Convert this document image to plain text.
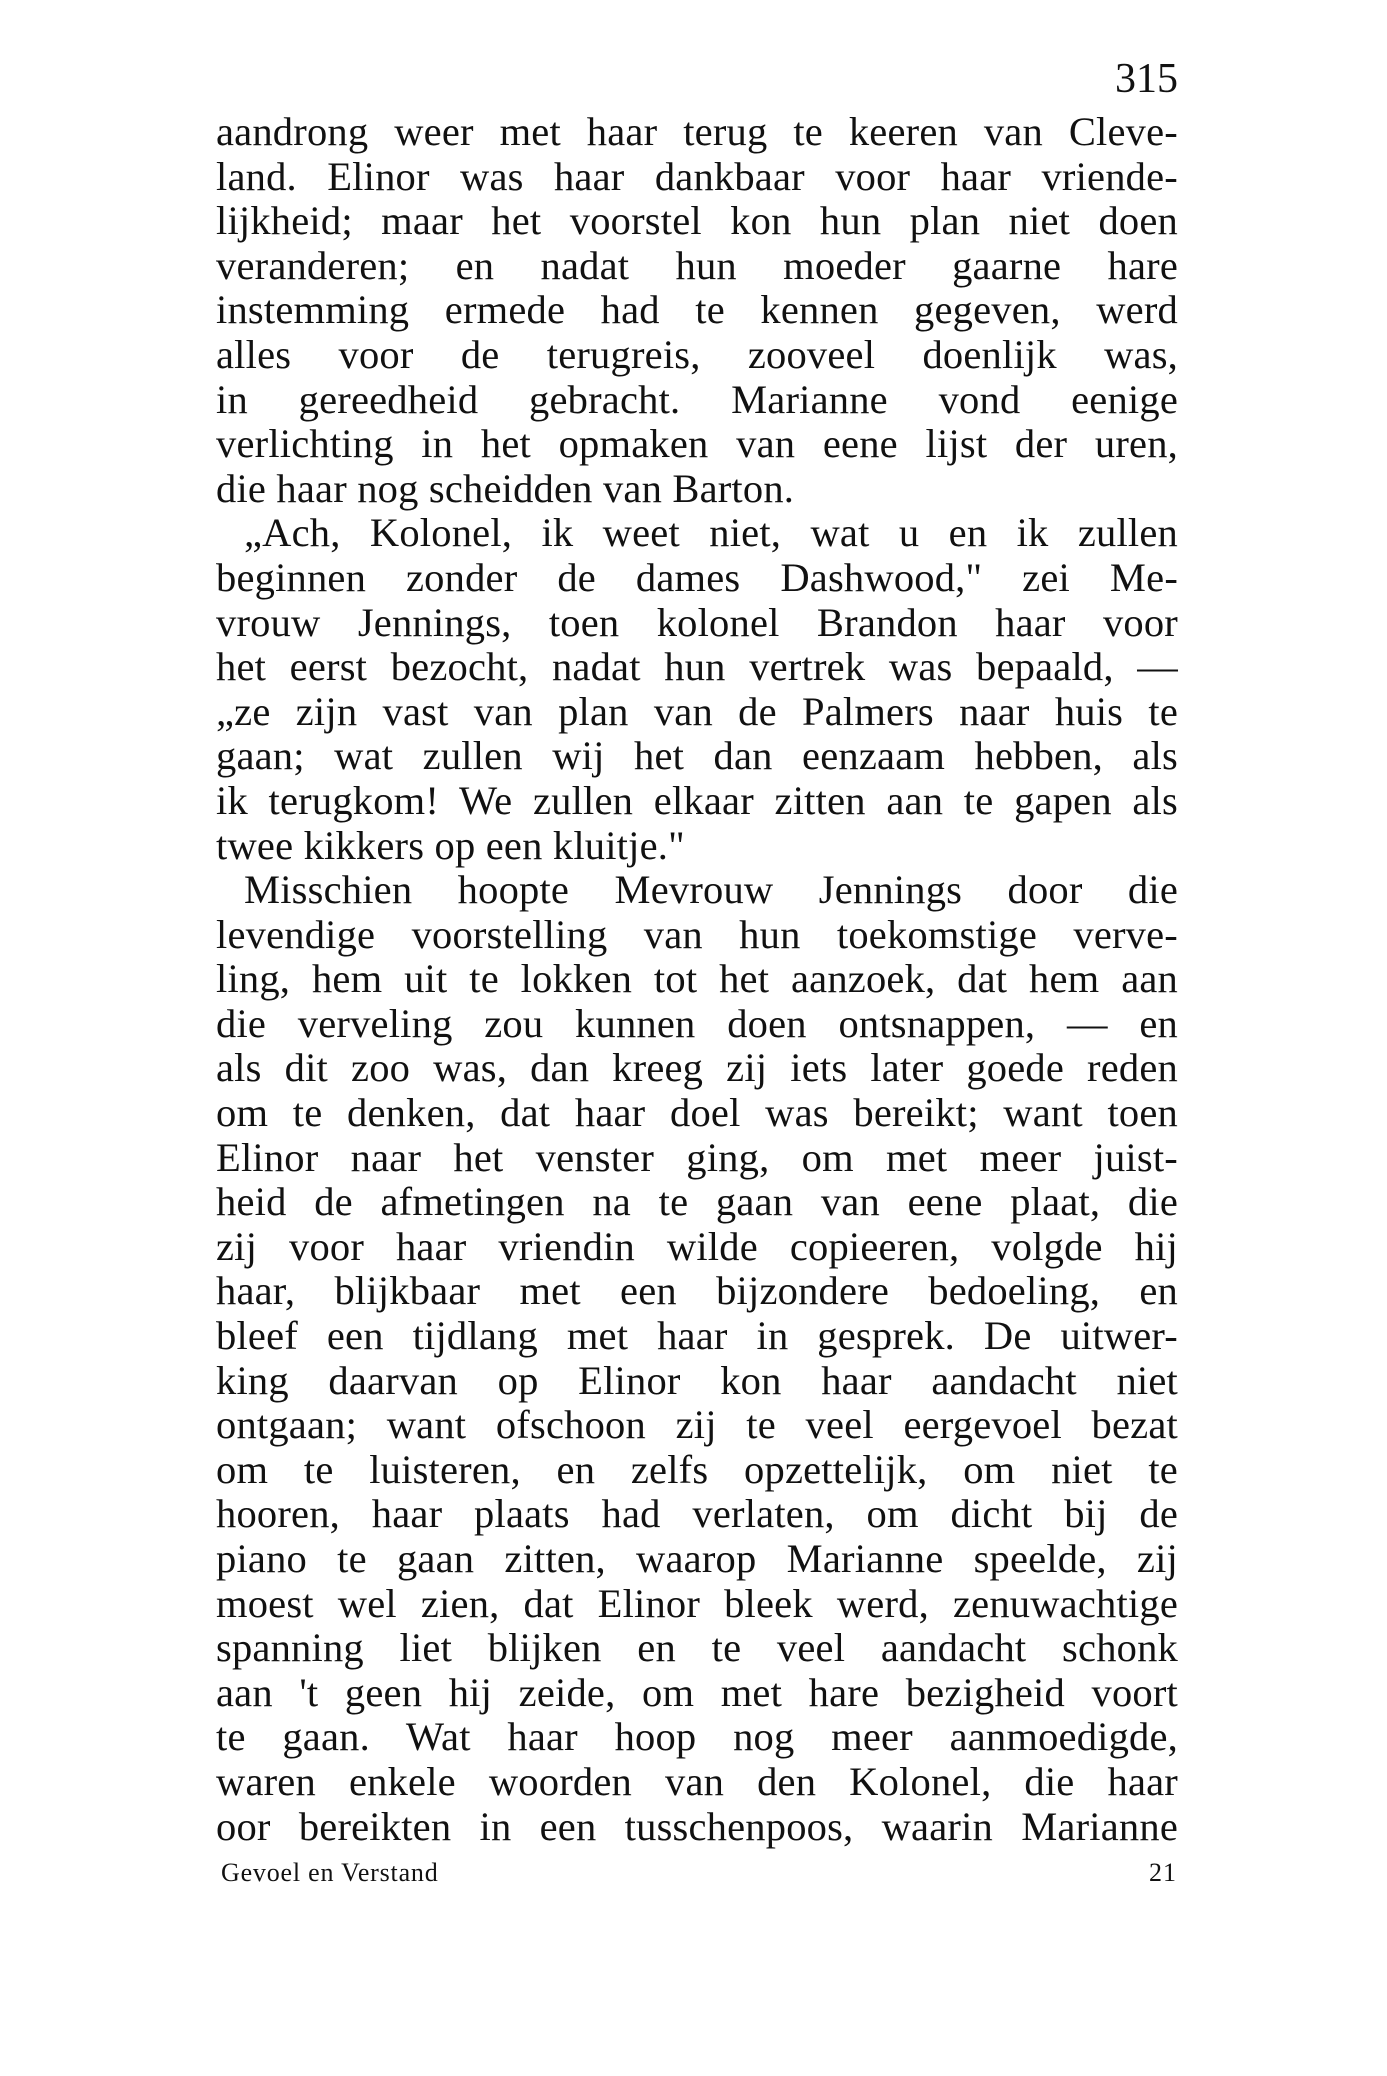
315
aandrong weer met haar terug te keeren van Cleve-
land. Elinor was haar dankbaar voor haar vriende-
lijkheid; maar het voorstel kon hun plan niet doen
veranderen; en nadat hun moeder gaarne hare
instemming ermede had te kennen gegeven, werd
alles voor de terugreis, zooveel doenlijk was,
in gereedheid gebracht. Marianne vond eenige
verlichting in het opmaken van eene lijst der uren,
die haar nog scheidden van Barton.
„Ach, Kolonel, ik weet niet, wat u en ik zullen
beginnen zonder de dames Dashwood," zei Me-
vrouw Jennings, toen kolonel Brandon haar voor
het eerst bezocht, nadat hun vertrek was bepaald, —
„ze zijn vast van plan van de Palmers naar huis te
gaan; wat zullen wij het dan eenzaam hebben, als
ik terugkom! We zullen elkaar zitten aan te gapen als
twee kikkers op een kluitje."
Misschien hoopte Mevrouw Jennings door die
levendige voorstelling van hun toekomstige verve-
ling, hem uit te lokken tot het aanzoek, dat hem aan
die verveling zou kunnen doen ontsnappen, — en
als dit zoo was, dan kreeg zij iets later goede reden
om te denken, dat haar doel was bereikt; want toen
Elinor naar het venster ging, om met meer juist-
heid de afmetingen na te gaan van eene plaat, die
zij voor haar vriendin wilde copieeren, volgde hij
haar, blijkbaar met een bijzondere bedoeling, en
bleef een tijdlang met haar in gesprek. De uitwer-
king daarvan op Elinor kon haar aandacht niet
ontgaan; want ofschoon zij te veel eergevoel bezat
om te luisteren, en zelfs opzettelijk, om niet te
hooren, haar plaats had verlaten, om dicht bij de
piano te gaan zitten, waarop Marianne speelde, zij
moest wel zien, dat Elinor bleek werd, zenuwachtige
spanning liet blijken en te veel aandacht schonk
aan 't geen hij zeide, om met hare bezigheid voort
te gaan. Wat haar hoop nog meer aanmoedigde,
waren enkele woorden van den Kolonel, die haar
oor bereikten in een tusschenpoos, waarin Marianne
Gevoel en Verstand	21
